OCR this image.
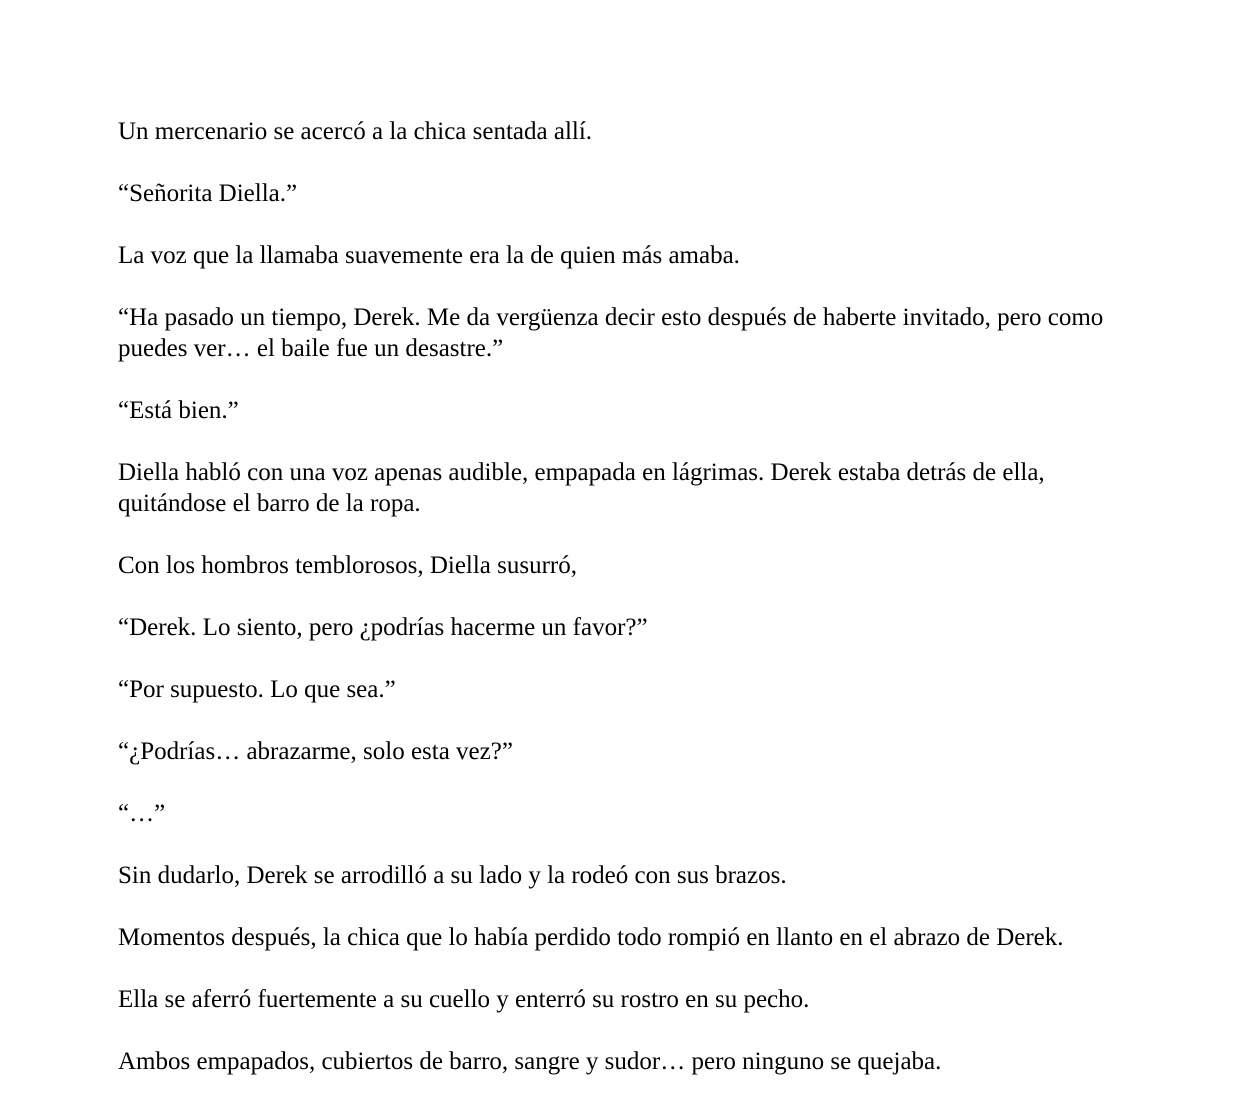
Un mercenario se acercó a la chica sentada allí.

“Señorita Diella.”

La voz que la llamaba suavemente era la de quien más amaba.

“Ha pasado un tiempo, Derek. Me da vergüenza decir esto después de haberte invitado, pero como puedes ver… el baile fue un desastre.”

“Está bien.”

Diella habló con una voz apenas audible, empapada en lágrimas. Derek estaba detrás de ella, quitándose el barro de la ropa.

Con los hombros temblorosos, Diella susurró,

“Derek. Lo siento, pero ¿podrías hacerme un favor?”

“Por supuesto. Lo que sea.”

“¿Podrías… abrazarme, solo esta vez?”

“…”

Sin dudarlo, Derek se arrodilló a su lado y la rodeó con sus brazos.

Momentos después, la chica que lo había perdido todo rompió en llanto en el abrazo de Derek.

Ella se aferró fuertemente a su cuello y enterró su rostro en su pecho.

Ambos empapados, cubiertos de barro, sangre y sudor… pero ninguno se quejaba.
